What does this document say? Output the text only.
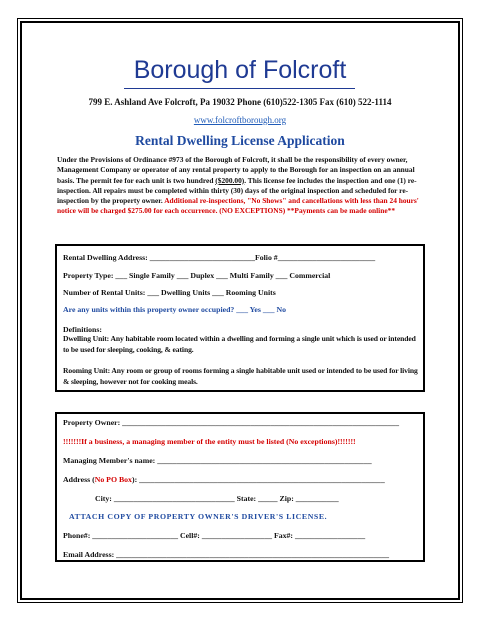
Borough of Folcroft
799 E. Ashland Ave Folcroft, Pa 19032 Phone (610)522-1305 Fax (610) 522-1114
www.folcroftborough.org
Rental Dwelling License Application
Under the Provisions of Ordinance #973 of the Borough of Folcroft, it shall be the responsibility of every owner, Management Company or operator of any rental property to apply to the Borough for an inspection on an annual basis. The permit fee for each unit is two hundred ($200.00). This license fee includes the inspection and one (1) re-inspection. All repairs must be completed within thirty (30) days of the original inspection and scheduled for re-inspection by the property owner. Additional re-inspections, "No Shows" and cancellations with less than 24 hours' notice will be charged $275.00 for each occurrence. (NO EXCEPTIONS) **Payments can be made online**
Rental Dwelling Address: ___________________________Folio #_________________________
Property Type: ___ Single Family ___ Duplex ___ Multi Family ___ Commercial
Number of Rental Units: ___ Dwelling Units ___ Rooming Units
Are any units within this property owner occupied? ___ Yes ___ No
Definitions:
Dwelling Unit: Any habitable room located within a dwelling and forming a single unit which is used or intended to be used for sleeping, cooking, & eating.
Rooming Unit: Any room or group of rooms forming a single habitable unit used or intended to be used for living & sleeping, however not for cooking meals.
Property Owner: _______________________________________________________________________
!!!!!!!If a business, a managing member of the entity must be listed (No exceptions)!!!!!!!
Managing Member's name: _______________________________________________________
Address (No PO Box): _______________________________________________________________
City: _______________________________ State: _____ Zip: ___________
ATTACH COPY OF PROPERTY OWNER'S DRIVER'S LICENSE.
Phone#: ______________________ Cell#: __________________ Fax#: __________________
Email Address: ______________________________________________________________________
